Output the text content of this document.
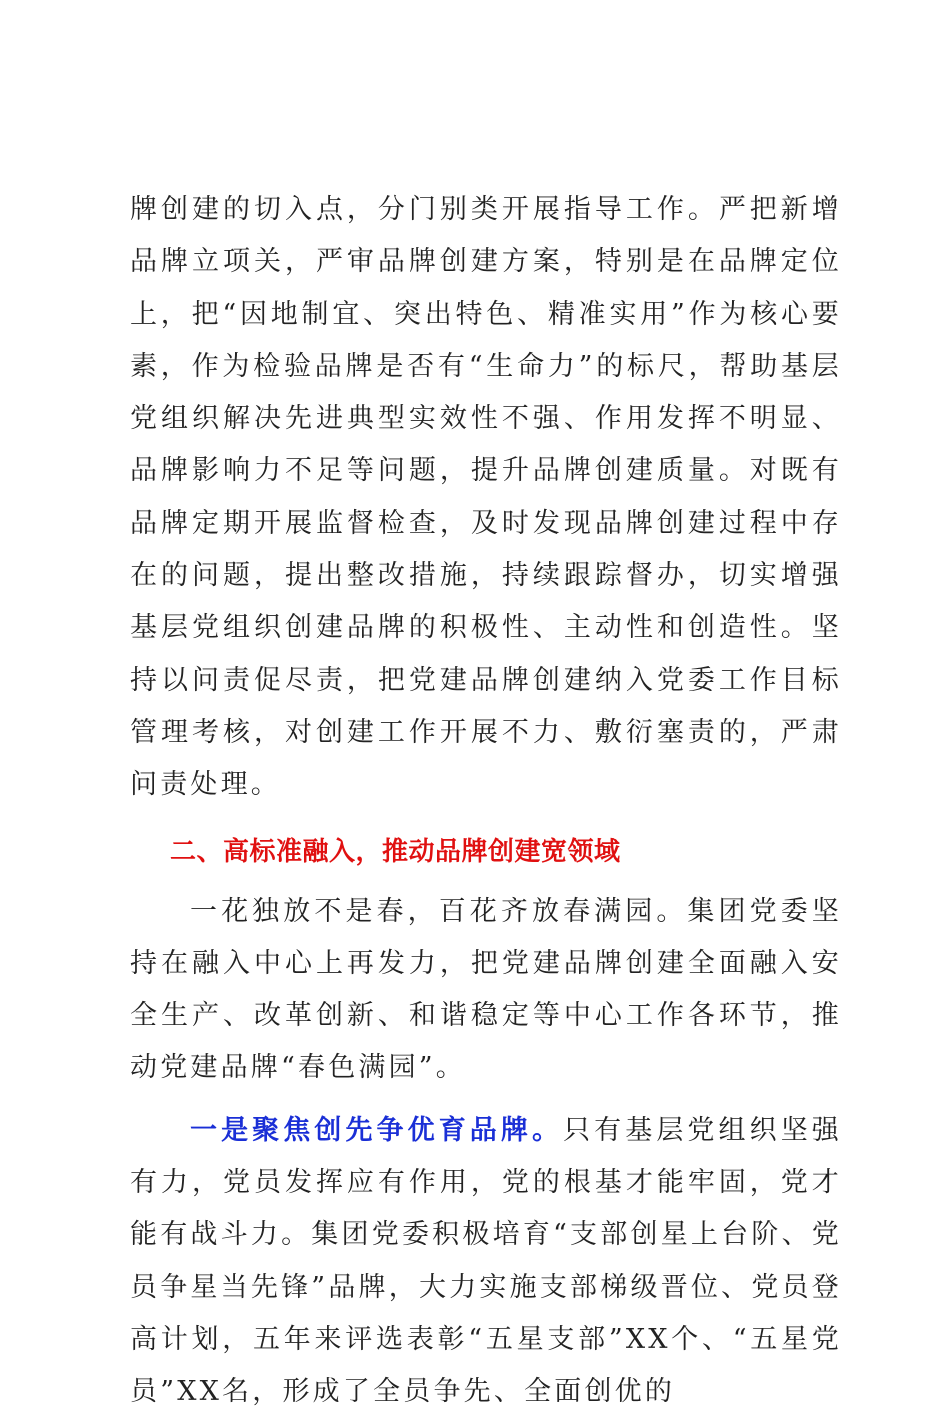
牌创建的切入点，分门别类开展指导工作。严把新增品牌立项关，严审品牌创建方案，特别是在品牌定位上，把“因地制宜、突出特色、精准实用”作为核心要素，作为检验品牌是否有“生命力”的标尺，帮助基层党组织解决先进典型实效性不强、作用发挥不明显、品牌影响力不足等问题，提升品牌创建质量。对既有品牌定期开展监督检查，及时发现品牌创建过程中存在的问题，提出整改措施，持续跟踪督办，切实增强基层党组织创建品牌的积极性、主动性和创造性。坚持以问责促尽责，把党建品牌创建纳入党委工作目标管理考核，对创建工作开展不力、敷衍塞责的，严肃问责处理。

二、高标准融入，推动品牌创建宽领域

一花独放不是春，百花齐放春满园。集团党委坚持在融入中心上再发力，把党建品牌创建全面融入安全生产、改革创新、和谐稳定等中心工作各环节，推动党建品牌“春色满园”。

一是聚焦创先争优育品牌。只有基层党组织坚强有力，党员发挥应有作用，党的根基才能牢固，党才能有战斗力。集团党委积极培育“支部创星上台阶、党员争星当先锋”品牌，大力实施支部梯级晋位、党员登高计划，五年来评选表彰“五星支部”XX个、“五星党员”XX名，形成了全员争先、全面创优的
